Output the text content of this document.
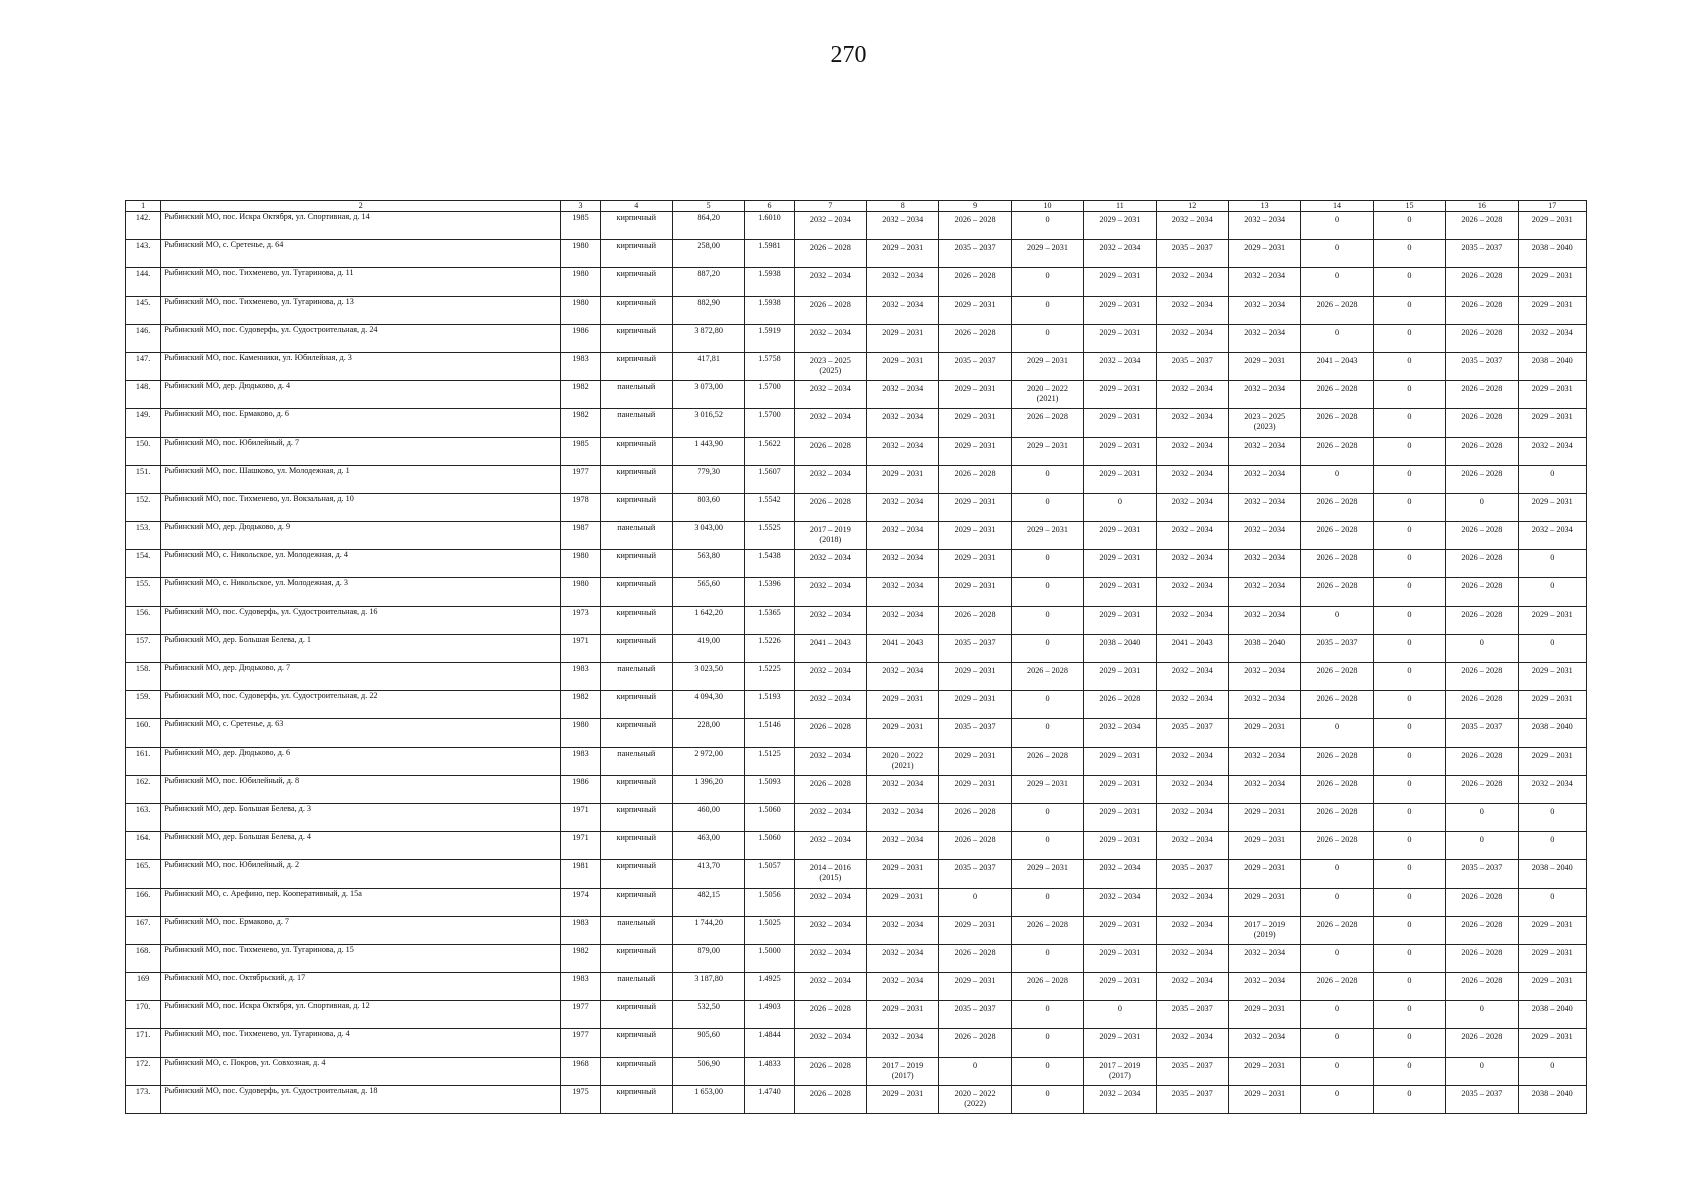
270
1	2	3	4	5	6	7	8	9	10	11	12	13	14	15	16	17

142.	Рыбинский МО, пос. Искра Октября, ул. Спортивная, д. 14	1985	кирпичный	864,20	1.6010	2032 – 2034	2032 – 2034	2026 – 2028	0	2029 – 2031	2032 – 2034	2032 – 2034	0	0	2026 – 2028	2029 – 2031

143.	Рыбинский МО, с. Сретенье, д. 64	1980	кирпичный	258,00	1.5981	2026 – 2028	2029 – 2031	2035 – 2037	2029 – 2031	2032 – 2034	2035 – 2037	2029 – 2031	0	0	2035 – 2037	2038 – 2040

144.	Рыбинский МО, пос. Тихменево, ул. Тугаринова, д. 11	1980	кирпичный	887,20	1.5938	2032 – 2034	2032 – 2034	2026 – 2028	0	2029 – 2031	2032 – 2034	2032 – 2034	0	0	2026 – 2028	2029 – 2031

145.	Рыбинский МО, пос. Тихменево, ул. Тугаринова, д. 13	1980	кирпичный	882,90	1.5938	2026 – 2028	2032 – 2034	2029 – 2031	0	2029 – 2031	2032 – 2034	2032 – 2034	2026 – 2028	0	2026 – 2028	2029 – 2031

146.	Рыбинский МО, пос. Судоверфь, ул. Судостроительная, д. 24	1986	кирпичный	3 872,80	1.5919	2032 – 2034	2029 – 2031	2026 – 2028	0	2029 – 2031	2032 – 2034	2032 – 2034	0	0	2026 – 2028	2032 – 2034

147.	Рыбинский МО, пос. Каменники, ул. Юбилейная, д. 3	1983	кирпичный	417,81	1.5758	2023 – 2025
(2025)	2029 – 2031	2035 – 2037	2029 – 2031	2032 – 2034	2035 – 2037	2029 – 2031	2041 – 2043	0	2035 – 2037	2038 – 2040

148.	Рыбинский МО, дер. Дюдьково, д. 4	1982	панельный	3 073,00	1.5700	2032 – 2034	2032 – 2034	2029 – 2031	2020 – 2022
(2021)	2029 – 2031	2032 – 2034	2032 – 2034	2026 – 2028	0	2026 – 2028	2029 – 2031

149.	Рыбинский МО, пос. Ермаково, д. 6	1982	панельный	3 016,52	1.5700	2032 – 2034	2032 – 2034	2029 – 2031	2026 – 2028	2029 – 2031	2032 – 2034	2023 – 2025
(2023)	2026 – 2028	0	2026 – 2028	2029 – 2031

150.	Рыбинский МО, пос. Юбилейный, д. 7	1985	кирпичный	1 443,90	1.5622	2026 – 2028	2032 – 2034	2029 – 2031	2029 – 2031	2029 – 2031	2032 – 2034	2032 – 2034	2026 – 2028	0	2026 – 2028	2032 – 2034

151.	Рыбинский МО, пос. Шашково, ул. Молодежная, д. 1	1977	кирпичный	779,30	1.5607	2032 – 2034	2029 – 2031	2026 – 2028	0	2029 – 2031	2032 – 2034	2032 – 2034	0	0	2026 – 2028	0

152.	Рыбинский МО, пос. Тихменево, ул. Вокзальная, д. 10	1978	кирпичный	803,60	1.5542	2026 – 2028	2032 – 2034	2029 – 2031	0	0	2032 – 2034	2032 – 2034	2026 – 2028	0	0	2029 – 2031

153.	Рыбинский МО, дер. Дюдьково, д. 9	1987	панельный	3 043,00	1.5525	2017 – 2019
(2018)	2032 – 2034	2029 – 2031	2029 – 2031	2029 – 2031	2032 – 2034	2032 – 2034	2026 – 2028	0	2026 – 2028	2032 – 2034

154.	Рыбинский МО, с. Никольское, ул. Молодежная, д. 4	1980	кирпичный	563,80	1.5438	2032 – 2034	2032 – 2034	2029 – 2031	0	2029 – 2031	2032 – 2034	2032 – 2034	2026 – 2028	0	2026 – 2028	0

155.	Рыбинский МО, с. Никольское, ул. Молодежная, д. 3	1980	кирпичный	565,60	1.5396	2032 – 2034	2032 – 2034	2029 – 2031	0	2029 – 2031	2032 – 2034	2032 – 2034	2026 – 2028	0	2026 – 2028	0

156.	Рыбинский МО, пос. Судоверфь, ул. Судостроительная, д. 16	1973	кирпичный	1 642,20	1.5365	2032 – 2034	2032 – 2034	2026 – 2028	0	2029 – 2031	2032 – 2034	2032 – 2034	0	0	2026 – 2028	2029 – 2031

157.	Рыбинский МО, дер. Большая Белева, д. 1	1971	кирпичный	419,00	1.5226	2041 – 2043	2041 – 2043	2035 – 2037	0	2038 – 2040	2041 – 2043	2038 – 2040	2035 – 2037	0	0	0

158.	Рыбинский МО, дер. Дюдьково, д. 7	1983	панельный	3 023,50	1.5225	2032 – 2034	2032 – 2034	2029 – 2031	2026 – 2028	2029 – 2031	2032 – 2034	2032 – 2034	2026 – 2028	0	2026 – 2028	2029 – 2031

159.	Рыбинский МО, пос. Судоверфь, ул. Судостроительная, д. 22	1982	кирпичный	4 094,30	1.5193	2032 – 2034	2029 – 2031	2029 – 2031	0	2026 – 2028	2032 – 2034	2032 – 2034	2026 – 2028	0	2026 – 2028	2029 – 2031

160.	Рыбинский МО, с. Сретенье, д. 63	1980	кирпичный	228,00	1.5146	2026 – 2028	2029 – 2031	2035 – 2037	0	2032 – 2034	2035 – 2037	2029 – 2031	0	0	2035 – 2037	2038 – 2040

161.	Рыбинский МО, дер. Дюдьково, д. 6	1983	панельный	2 972,00	1.5125	2032 – 2034	2020 – 2022
(2021)	2029 – 2031	2026 – 2028	2029 – 2031	2032 – 2034	2032 – 2034	2026 – 2028	0	2026 – 2028	2029 – 2031

162.	Рыбинский МО, пос. Юбилейный, д. 8	1986	кирпичный	1 396,20	1.5093	2026 – 2028	2032 – 2034	2029 – 2031	2029 – 2031	2029 – 2031	2032 – 2034	2032 – 2034	2026 – 2028	0	2026 – 2028	2032 – 2034

163.	Рыбинский МО, дер. Большая Белева, д. 3	1971	кирпичный	460,00	1.5060	2032 – 2034	2032 – 2034	2026 – 2028	0	2029 – 2031	2032 – 2034	2029 – 2031	2026 – 2028	0	0	0

164.	Рыбинский МО, дер. Большая Белева, д. 4	1971	кирпичный	463,00	1.5060	2032 – 2034	2032 – 2034	2026 – 2028	0	2029 – 2031	2032 – 2034	2029 – 2031	2026 – 2028	0	0	0

165.	Рыбинский МО, пос. Юбилейный, д. 2	1981	кирпичный	413,70	1.5057	2014 – 2016
(2015)	2029 – 2031	2035 – 2037	2029 – 2031	2032 – 2034	2035 – 2037	2029 – 2031	0	0	2035 – 2037	2038 – 2040

166.	Рыбинский МО, с. Арефино, пер. Кооперативный, д. 15а	1974	кирпичный	482,15	1.5056	2032 – 2034	2029 – 2031	0	0	2032 – 2034	2032 – 2034	2029 – 2031	0	0	2026 – 2028	0

167.	Рыбинский МО, пос. Ермаково, д. 7	1983	панельный	1 744,20	1.5025	2032 – 2034	2032 – 2034	2029 – 2031	2026 – 2028	2029 – 2031	2032 – 2034	2017 – 2019
(2019)	2026 – 2028	0	2026 – 2028	2029 – 2031

168.	Рыбинский МО, пос. Тихменево, ул. Тугаринова, д. 15	1982	кирпичный	879,00	1.5000	2032 – 2034	2032 – 2034	2026 – 2028	0	2029 – 2031	2032 – 2034	2032 – 2034	0	0	2026 – 2028	2029 – 2031

169	Рыбинский МО, пос. Октябрьский, д. 17	1983	панельный	3 187,80	1.4925	2032 – 2034	2032 – 2034	2029 – 2031	2026 – 2028	2029 – 2031	2032 – 2034	2032 – 2034	2026 – 2028	0	2026 – 2028	2029 – 2031

170.	Рыбинский МО, пос. Искра Октября, ул. Спортивная, д. 12	1977	кирпичный	532,50	1.4903	2026 – 2028	2029 – 2031	2035 – 2037	0	0	2035 – 2037	2029 – 2031	0	0	0	2038 – 2040

171.	Рыбинский МО, пос. Тихменево, ул. Тугаринова, д. 4	1977	кирпичный	905,60	1.4844	2032 – 2034	2032 – 2034	2026 – 2028	0	2029 – 2031	2032 – 2034	2032 – 2034	0	0	2026 – 2028	2029 – 2031

172.	Рыбинский МО, с. Покров, ул. Совхозная, д. 4	1968	кирпичный	506,90	1.4833	2026 – 2028	2017 – 2019
(2017)	0	0	2017 – 2019
(2017)	2035 – 2037	2029 – 2031	0	0	0	0

173.	Рыбинский МО, пос. Судоверфь, ул. Судостроительная, д. 18	1975	кирпичный	1 653,00	1.4740	2026 – 2028	2029 – 2031	2020 – 2022
(2022)	0	2032 – 2034	2035 – 2037	2029 – 2031	0	0	2035 – 2037	2038 – 2040
